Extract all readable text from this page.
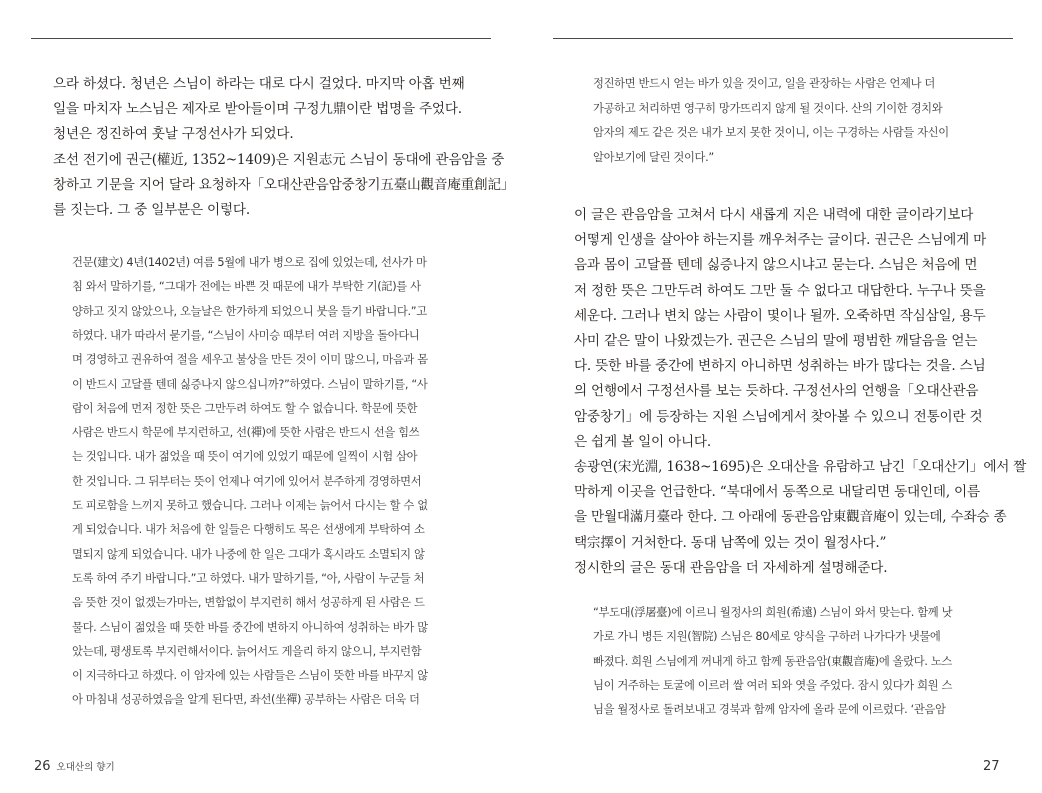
으라 하셨다. 청년은 스님이 하라는 대로 다시 걸었다. 마지막 아홉 번째
일을 마치자 노스님은 제자로 받아들이며 구정九鼎이란 법명을 주었다.
청년은 정진하여 훗날 구정선사가 되었다.
조선 전기에 권근(權近, 1352~1409)은 지원志元 스님이 동대에 관음암을 중
창하고 기문을 지어 달라 요청하자「오대산관음암중창기五臺山觀音庵重創記」
를 짓는다. 그 중 일부분은 이렇다.
건문(建文) 4년(1402년) 여름 5월에 내가 병으로 집에 있었는데, 선사가 마
침 와서 말하기를, “그대가 전에는 바쁜 것 때문에 내가 부탁한 기(記)를 사
양하고 짓지 않았으나, 오늘날은 한가하게 되었으니 붓을 들기 바랍니다.”고
하였다. 내가 따라서 묻기를, “스님이 사미승 때부터 여러 지방을 돌아다니
며 경영하고 권유하여 절을 세우고 불상을 만든 것이 이미 많으니, 마음과 몸
이 반드시 고달플 텐데 싫증나지 않으십니까?”하였다. 스님이 말하기를, “사
람이 처음에 먼저 정한 뜻은 그만두려 하여도 할 수 없습니다. 학문에 뜻한
사람은 반드시 학문에 부지런하고, 선(禪)에 뜻한 사람은 반드시 선을 힘쓰
는 것입니다. 내가 젊었을 때 뜻이 여기에 있었기 때문에 일찍이 시험 삼아
한 것입니다. 그 뒤부터는 뜻이 언제나 여기에 있어서 분주하게 경영하면서
도 피로함을 느끼지 못하고 했습니다. 그러나 이제는 늙어서 다시는 할 수 없
게 되었습니다. 내가 처음에 한 일들은 다행히도 목은 선생에게 부탁하여 소
멸되지 않게 되었습니다. 내가 나중에 한 일은 그대가 혹시라도 소멸되지 않
도록 하여 주기 바랍니다.”고 하였다. 내가 말하기를, “아, 사람이 누군들 처
음 뜻한 것이 없겠는가마는, 변함없이 부지런히 해서 성공하게 된 사람은 드
물다. 스님이 젊었을 때 뜻한 바를 중간에 변하지 아니하여 성취하는 바가 많
았는데, 평생토록 부지런해서이다. 늙어서도 게을리 하지 않으니, 부지런함
이 지극하다고 하겠다. 이 암자에 있는 사람들은 스님이 뜻한 바를 바꾸지 않
아 마침내 성공하였음을 알게 된다면, 좌선(坐禪) 공부하는 사람은 더욱 더
정진하면 반드시 얻는 바가 있을 것이고, 일을 관장하는 사람은 언제나 더
가공하고 처리하면 영구히 망가뜨리지 않게 될 것이다. 산의 기이한 경치와
암자의 제도 같은 것은 내가 보지 못한 것이니, 이는 구경하는 사람들 자신이
알아보기에 달린 것이다.”
이 글은 관음암을 고쳐서 다시 새롭게 지은 내력에 대한 글이라기보다
어떻게 인생을 살아야 하는지를 깨우쳐주는 글이다. 권근은 스님에게 마
음과 몸이 고달플 텐데 싫증나지 않으시냐고 묻는다. 스님은 처음에 먼
저 정한 뜻은 그만두려 하여도 그만 둘 수 없다고 대답한다. 누구나 뜻을
세운다. 그러나 변치 않는 사람이 몇이나 될까. 오죽하면 작심삼일, 용두
사미 같은 말이 나왔겠는가. 권근은 스님의 말에 평범한 깨달음을 얻는
다. 뜻한 바를 중간에 변하지 아니하면 성취하는 바가 많다는 것을. 스님
의 언행에서 구정선사를 보는 듯하다. 구정선사의 언행을「오대산관음
암중창기」에 등장하는 지원 스님에게서 찾아볼 수 있으니 전통이란 것
은 쉽게 볼 일이 아니다.
송광연(宋光淵, 1638~1695)은 오대산을 유람하고 남긴「오대산기」에서 짤
막하게 이곳을 언급한다. “북대에서 동쪽으로 내달리면 동대인데, 이름
을 만월대滿月臺라 한다. 그 아래에 동관음암東觀音庵이 있는데, 수좌승 종
택宗擇이 거처한다. 동대 남쪽에 있는 것이 월정사다.”
정시한의 글은 동대 관음암을 더 자세하게 설명해준다.
“부도대(浮屠臺)에 이르니 월정사의 희원(希遠) 스님이 와서 맞는다. 함께 낫
가로 가니 병든 지원(智院) 스님은 80세로 양식을 구하러 나가다가 냇물에
빠졌다. 희원 스님에게 꺼내게 하고 함께 동관음암(東觀音庵)에 올랐다. 노스
님이 거주하는 토굴에 이르러 쌀 여러 되와 엿을 주었다. 잠시 있다가 희원 스
님을 월정사로 돌려보내고 경북과 함께 암자에 올라 문에 이르렀다. ‘관음암
26 오대산의 향기	27
